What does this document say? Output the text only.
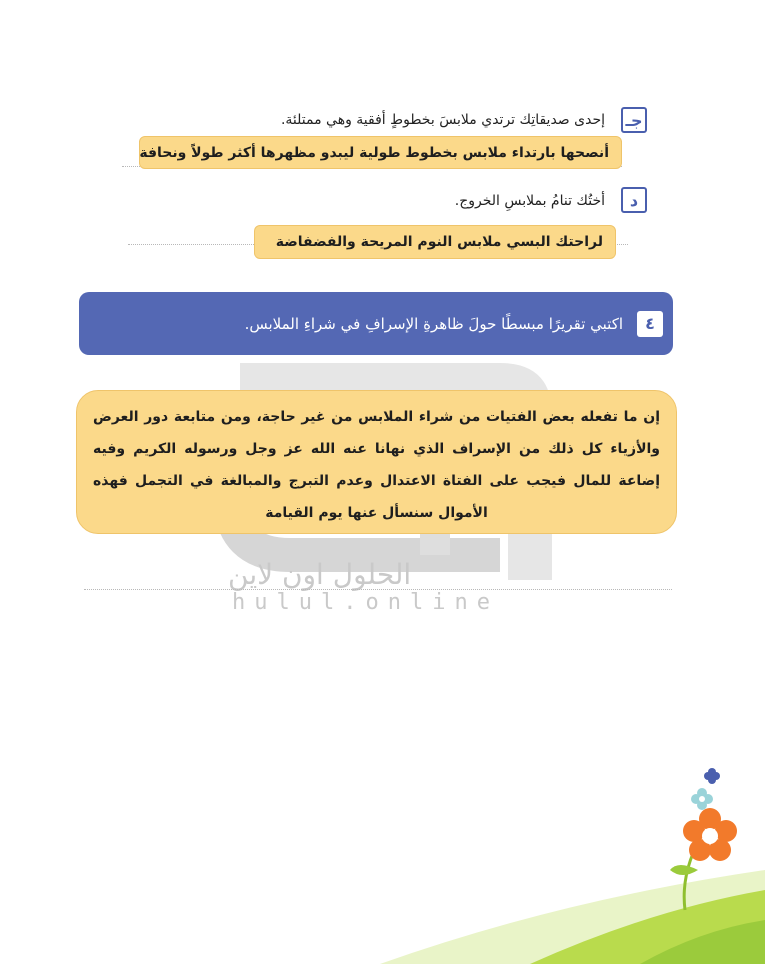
الحلول اون لاين
hulul.online
جـ
إحدى صديقاتِك ترتدي ملابسَ بخطوطٍ أفقية وهي ممتلئة.
أنصحها بارتداء ملابس بخطوط طولية ليبدو مظهرها أكثر طولاً ونحافة
د
أختُك تنامُ بملابسِ الخروج.
لراحتك البسي ملابس النوم المريحة والفضفاضة
٤
اكتبي تقريرًا مبسطًا حولَ ظاهرةِ الإسرافِ في شراءِ الملابس.

إن ما تفعله بعض الفتيات من شراء الملابس من غير حاجة، ومن متابعة دور العرض والأزياء كل ذلك من الإسراف الذي نهانا عنه الله عز وجل ورسوله الكريم وفيه إضاعة للمال فيجب على الفتاة الاعتدال وعدم التبرج والمبالغة في التجمل فهذه الأموال سنسأل عنها يوم القيامة
